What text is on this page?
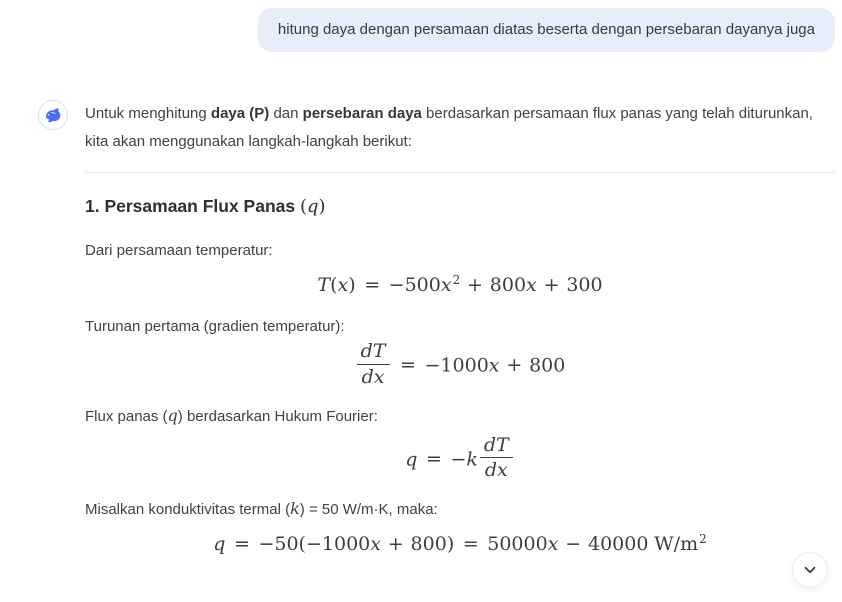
hitung daya dengan persamaan diatas beserta dengan persebaran dayanya juga

Untuk menghitung daya (P) dan persebaran daya berdasarkan persamaan flux panas yang telah diturunkan, kita akan menggunakan langkah-langkah berikut:

1. Persamaan Flux Panas (q)

Dari persamaan temperatur:

$T(x) = -500x^2 + 800x + 300$

Turunan pertama (gradien temperatur):

$\frac{dT}{dx} = -1000x + 800$

Flux panas (q) berdasarkan Hukum Fourier:

$q = -k \frac{dT}{dx}$

Misalkan konduktivitas termal (k) = 50 W/m·K, maka:

q = −50(−1000x + 800) = 50000x − 40000 $W/m^2$
